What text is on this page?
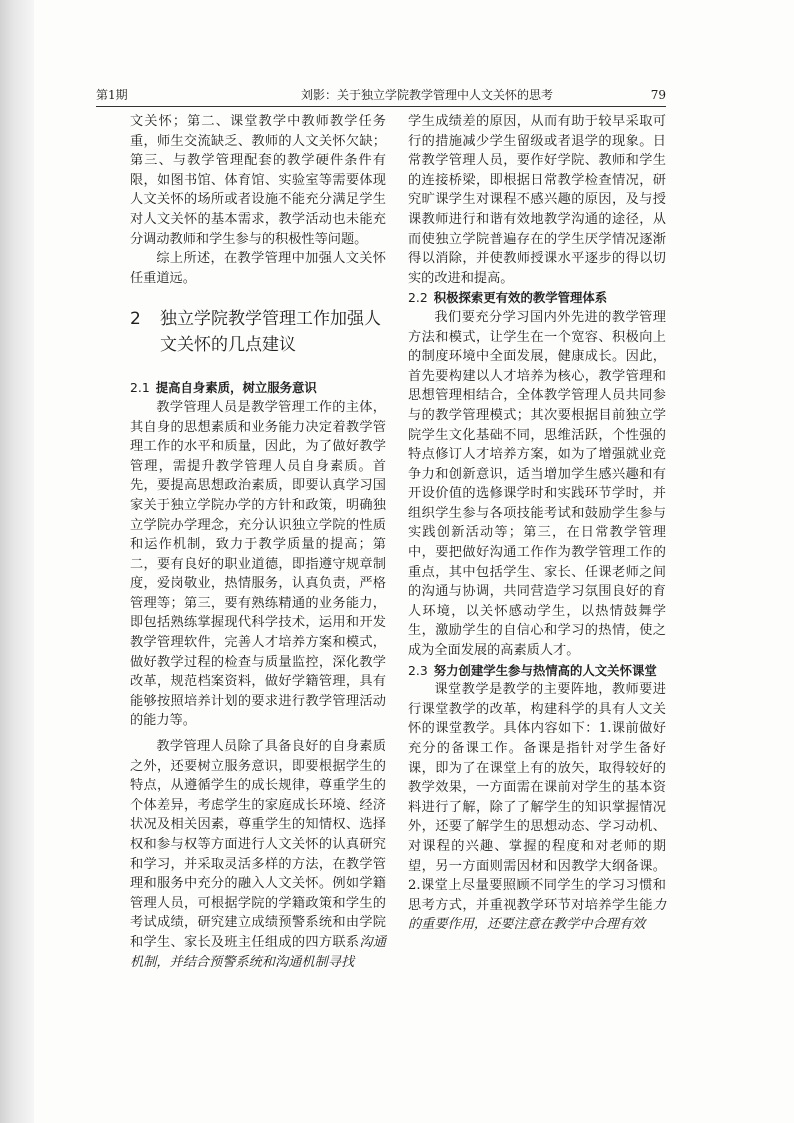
第1期	刘影：关于独立学院教学管理中人文关怀的思考	79

文关怀；第二、课堂教学中教师教学任务重，师生交流缺乏、教师的人文关怀欠缺；第三、与教学管理配套的教学硬件条件有限，如图书馆、体育馆、实验室等需要体现人文关怀的场所或者设施不能充分满足学生对人文关怀的基本需求，教学活动也未能充分调动教师和学生参与的积极性等问题。

综上所述，在教学管理中加强人文关怀任重道远。

2	独立学院教学管理工作加强人文关怀的几点建议
2.1 提高自身素质，树立服务意识

教学管理人员是教学管理工作的主体，其自身的思想素质和业务能力决定着教学管理工作的水平和质量，因此，为了做好教学管理，需提升教学管理人员自身素质。首先，要提高思想政治素质，即要认真学习国家关于独立学院办学的方针和政策，明确独立学院办学理念，充分认识独立学院的性质和运作机制，致力于教学质量的提高；第二，要有良好的职业道德，即指遵守规章制度，爱岗敬业，热情服务，认真负责，严格管理等；第三，要有熟练精通的业务能力，即包括熟练掌握现代科学技术，运用和开发教学管理软件，完善人才培养方案和模式，做好教学过程的检查与质量监控，深化教学改革，规范档案资料，做好学籍管理，具有能够按照培养计划的要求进行教学管理活动的能力等。

教学管理人员除了具备良好的自身素质之外，还要树立服务意识，即要根据学生的特点，从遵循学生的成长规律，尊重学生的个体差异，考虑学生的家庭成长环境、经济状况及相关因素，尊重学生的知情权、选择权和参与权等方面进行人文关怀的认真研究和学习，并采取灵活多样的方法，在教学管理和服务中充分的融入人文关怀。例如学籍管理人员，可根据学院的学籍政策和学生的考试成绩，研究建立成绩预警系统和由学院和学生、家长及班主任组成的四方联系沟通机制，并结合预警系统和沟通机制寻找

学生成绩差的原因，从而有助于较早采取可行的措施减少学生留级或者退学的现象。日常教学管理人员，要作好学院、教师和学生的连接桥梁，即根据日常教学检查情况，研究旷课学生对课程不感兴趣的原因，及与授课教师进行和谐有效地教学沟通的途径，从而使独立学院普遍存在的学生厌学情况逐渐得以消除，并使教师授课水平逐步的得以切实的改进和提高。

2.2 积极探索更有效的教学管理体系

我们要充分学习国内外先进的教学管理方法和模式，让学生在一个宽容、积极向上的制度环境中全面发展，健康成长。因此，首先要构建以人才培养为核心，教学管理和思想管理相结合，全体教学管理人员共同参与的教学管理模式；其次要根据目前独立学院学生文化基础不同，思维活跃，个性强的特点修订人才培养方案，如为了增强就业竞争力和创新意识，适当增加学生感兴趣和有开设价值的选修课学时和实践环节学时，并组织学生参与各项技能考试和鼓励学生参与实践创新活动等；第三，在日常教学管理中，要把做好沟通工作作为教学管理工作的重点，其中包括学生、家长、任课老师之间的沟通与协调，共同营造学习氛围良好的育人环境，以关怀感动学生，以热情鼓舞学生，激励学生的自信心和学习的热情，使之成为全面发展的高素质人才。

2.3 努力创建学生参与热情高的人文关怀课堂

课堂教学是教学的主要阵地，教师要进行课堂教学的改革，构建科学的具有人文关怀的课堂教学。具体内容如下：1.课前做好充分的备课工作。备课是指针对学生备好课，即为了在课堂上有的放矢，取得较好的教学效果，一方面需在课前对学生的基本资料进行了解，除了了解学生的知识掌握情况外，还要了解学生的思想动态、学习动机、对课程的兴趣、掌握的程度和对老师的期望，另一方面则需因材和因教学大纲备课。2.课堂上尽量要照顾不同学生的学习习惯和思考方式，并重视教学环节对培养学生能力的重要作用，还要注意在教学中合理有效
